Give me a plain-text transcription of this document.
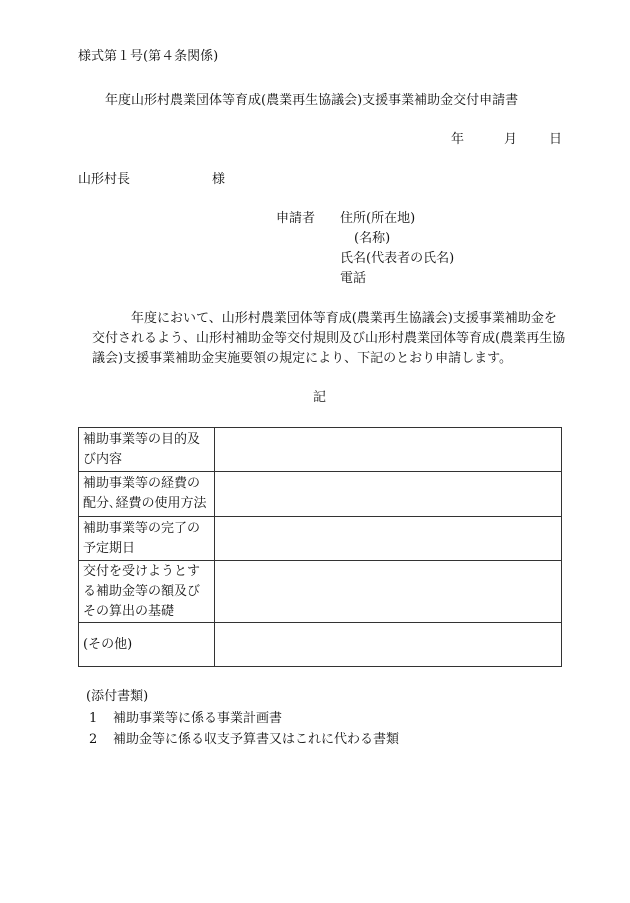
様式第１号(第４条関係)
年度山形村農業団体等育成(農業再生協議会)支援事業補助金交付申請書
年	月 日
山形村長	様
申請者 住所(所在地)
(名称)
氏名(代表者の氏名)
電話
　　　年度において、山形村農業団体等育成(農業再生協議会)支援事業補助金を
交付されるよう、山形村補助金等交付規則及び山形村農業団体等育成(農業再生協
議会)支援事業補助金実施要領の規定により、下記のとおり申請します。
記
補助事業等の目的及
び内容	

補助事業等の経費の
配分､経費の使用方法	

補助事業等の完了の
予定期日	

交付を受けようとす
る補助金等の額及び
その算出の基礎	

(その他)	

(添付書類)
1 補助事業等に係る事業計画書
2 補助金等に係る収支予算書又はこれに代わる書類
